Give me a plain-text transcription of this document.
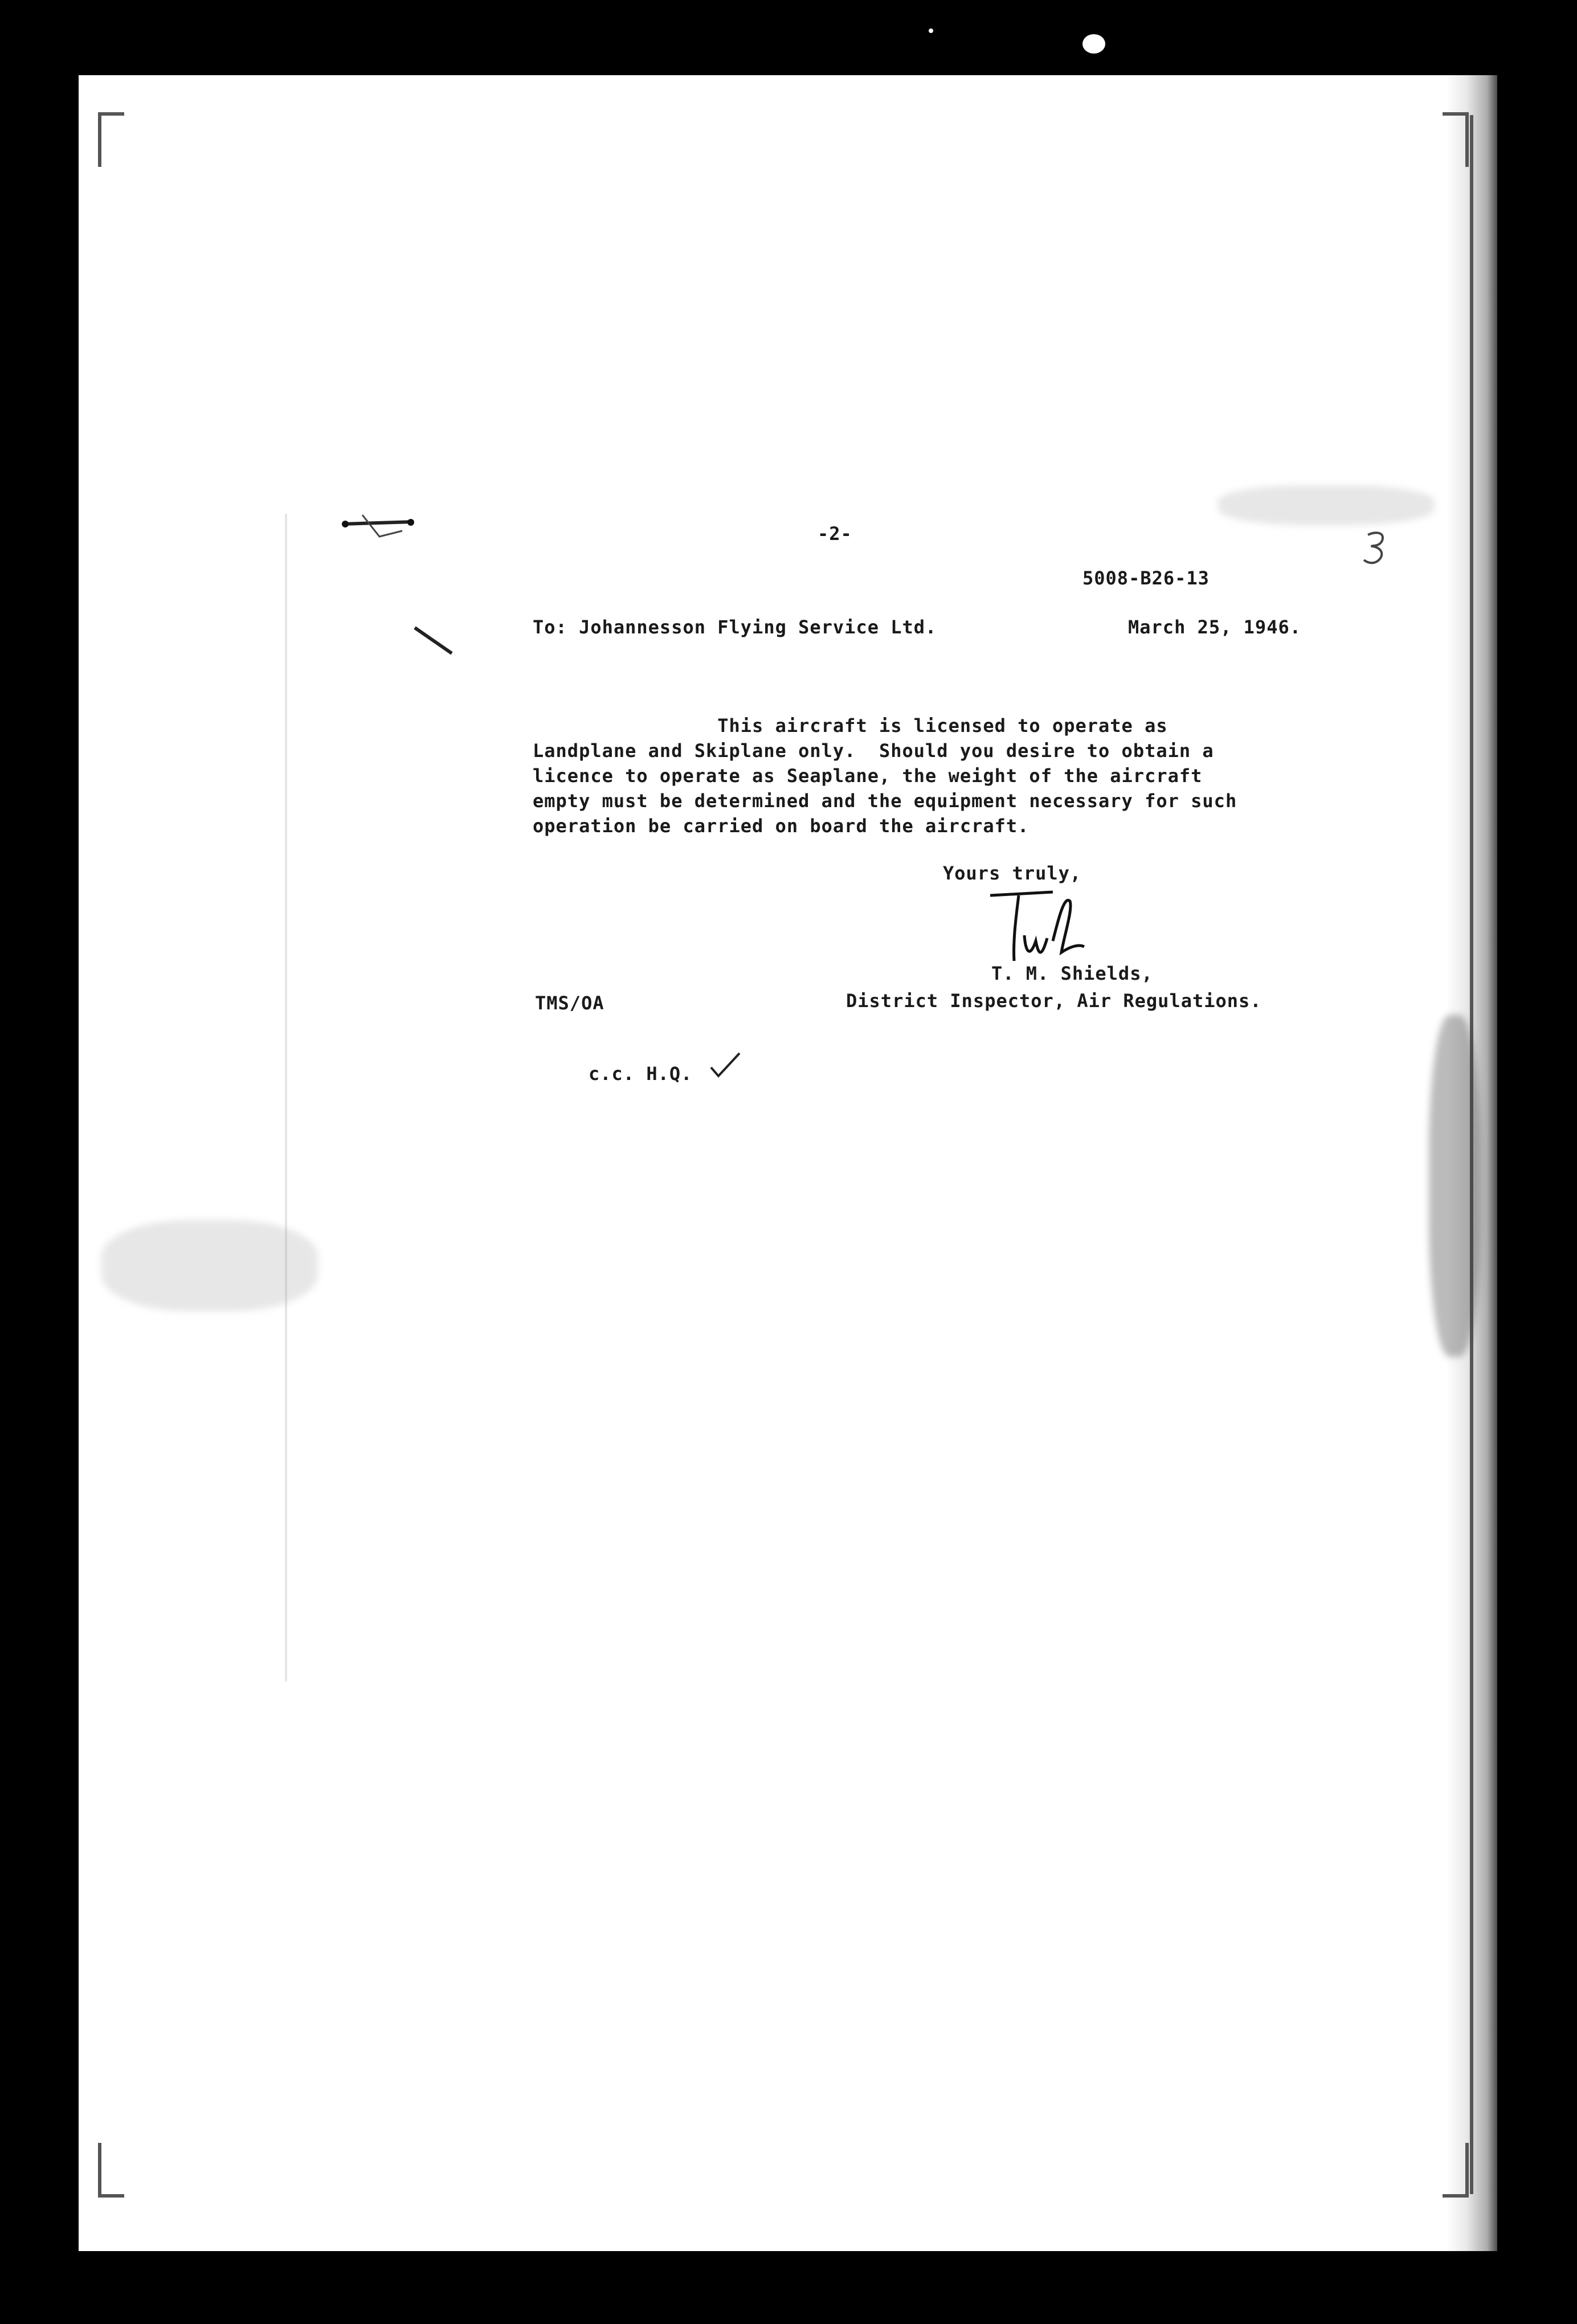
-2-
5008-B26-13
To: Johannesson Flying Service Ltd.	March 25, 1946.
This aircraft is licensed to operate as
Landplane and Skiplane only.  Should you desire to obtain a
licence to operate as Seaplane, the weight of the aircraft
empty must be determined and the equipment necessary for such
operation be carried on board the aircraft.
Yours truly,
T. M. Shields,
District Inspector, Air Regulations.
TMS/OA
c.c. H.Q.
